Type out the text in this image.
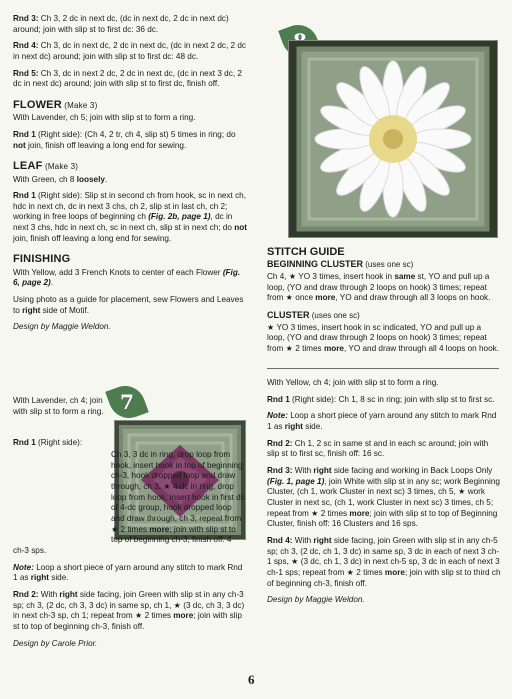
Rnd 3: Ch 3, 2 dc in next dc, (dc in next dc, 2 dc in next dc) around; join with slip st to first dc: 36 dc.

Rnd 4: Ch 3, dc in next dc, 2 dc in next dc, (dc in next 2 dc, 2 dc in next dc) around; join with slip st to first dc: 48 dc.

Rnd 5: Ch 3, dc in next 2 dc, 2 dc in next dc, (dc in next 3 dc, 2 dc in next dc) around; join with slip st to first dc, finish off.

FLOWER (Make 3)

With Lavender, ch 5; join with slip st to form a ring.

Rnd 1 (Right side): (Ch 4, 2 tr, ch 4, slip st) 5 times in ring; do not join, finish off leaving a long end for sewing.

LEAF (Make 3)

With Green, ch 8 loosely.

Rnd 1 (Right side): Slip st in second ch from hook, sc in next ch, hdc in next ch, dc in next 3 chs, ch 2, slip st in last ch, ch 2; working in free loops of beginning ch (Fig. 2b, page 1), dc in next 3 chs, hdc in next ch, sc in next ch, slip st in next ch; do not join, finish off leaving a long end for sewing.

FINISHING

With Yellow, add 3 French Knots to center of each Flower (Fig. 6, page 2).

Using photo as a guide for placement, sew Flowers and Leaves to right side of Motif.

Design by Maggie Weldon.

7

With Lavender, ch 4; join with slip st to form a ring.

Rnd 1 (Right side):

Ch 3, 3 dc in ring, drop loop from hook, insert hook in top of beginning ch-3, hook dropped loop and draw through, ch 3, ★ 4 dc in ring, drop loop from hook, insert hook in first dc of 4-dc group, hook dropped loop and draw through, ch 3; repeat from ★ 2 times more; join with slip st to top of beginning ch-3, finish off: 4 ch-3 sps.

Note: Loop a short piece of yarn around any stitch to mark Rnd 1 as right side.

Rnd 2: With right side facing, join Green with slip st in any ch-3 sp; ch 3, (2 dc, ch 3, 3 dc) in same sp, ch 1, ★ (3 dc, ch 3, 3 dc) in next ch-3 sp, ch 1; repeat from ★ 2 times more; join with slip st to top of beginning ch-3, finish off.

Design by Carole Prior.

STITCH GUIDE
BEGINNING CLUSTER (uses one sc)

Ch 4, ★ YO 3 times, insert hook in same st, YO and pull up a loop, (YO and draw through 2 loops on hook) 3 times; repeat from ★ once more, YO and draw through all 3 loops on hook.

CLUSTER (uses one sc)

★ YO 3 times, insert hook in sc indicated, YO and pull up a loop, (YO and draw through 2 loops on hook) 3 times; repeat from ★ 2 times more, YO and draw through all 4 loops on hook.

With Yellow, ch 4; join with slip st to form a ring.

Rnd 1 (Right side): Ch 1, 8 sc in ring; join with slip st to first sc.

Note: Loop a short piece of yarn around any stitch to mark Rnd 1 as right side.

Rnd 2: Ch 1, 2 sc in same st and in each sc around; join with slip st to first sc, finish off: 16 sc.

Rnd 3: With right side facing and working in Back Loops Only (Fig. 1, page 1), join White with slip st in any sc; work Beginning Cluster, (ch 1, work Cluster in next sc) 3 times, ch 5, ★ work Cluster in next sc, (ch 1, work Cluster in next sc) 3 times, ch 5; repeat from ★ 2 times more; join with slip st to top of Beginning Cluster, finish off: 16 Clusters and 16 sps.

Rnd 4: With right side facing, join Green with slip st in any ch-5 sp; ch 3, (2 dc, ch 1, 3 dc) in same sp, 3 dc in each of next 3 ch-1 sps, ★ (3 dc, ch 1, 3 dc) in next ch-5 sp, 3 dc in each of next 3 ch-1 sps; repeat from ★ 2 times more; join with slip st to third ch of beginning ch-3, finish off.

Design by Maggie Weldon.

6
